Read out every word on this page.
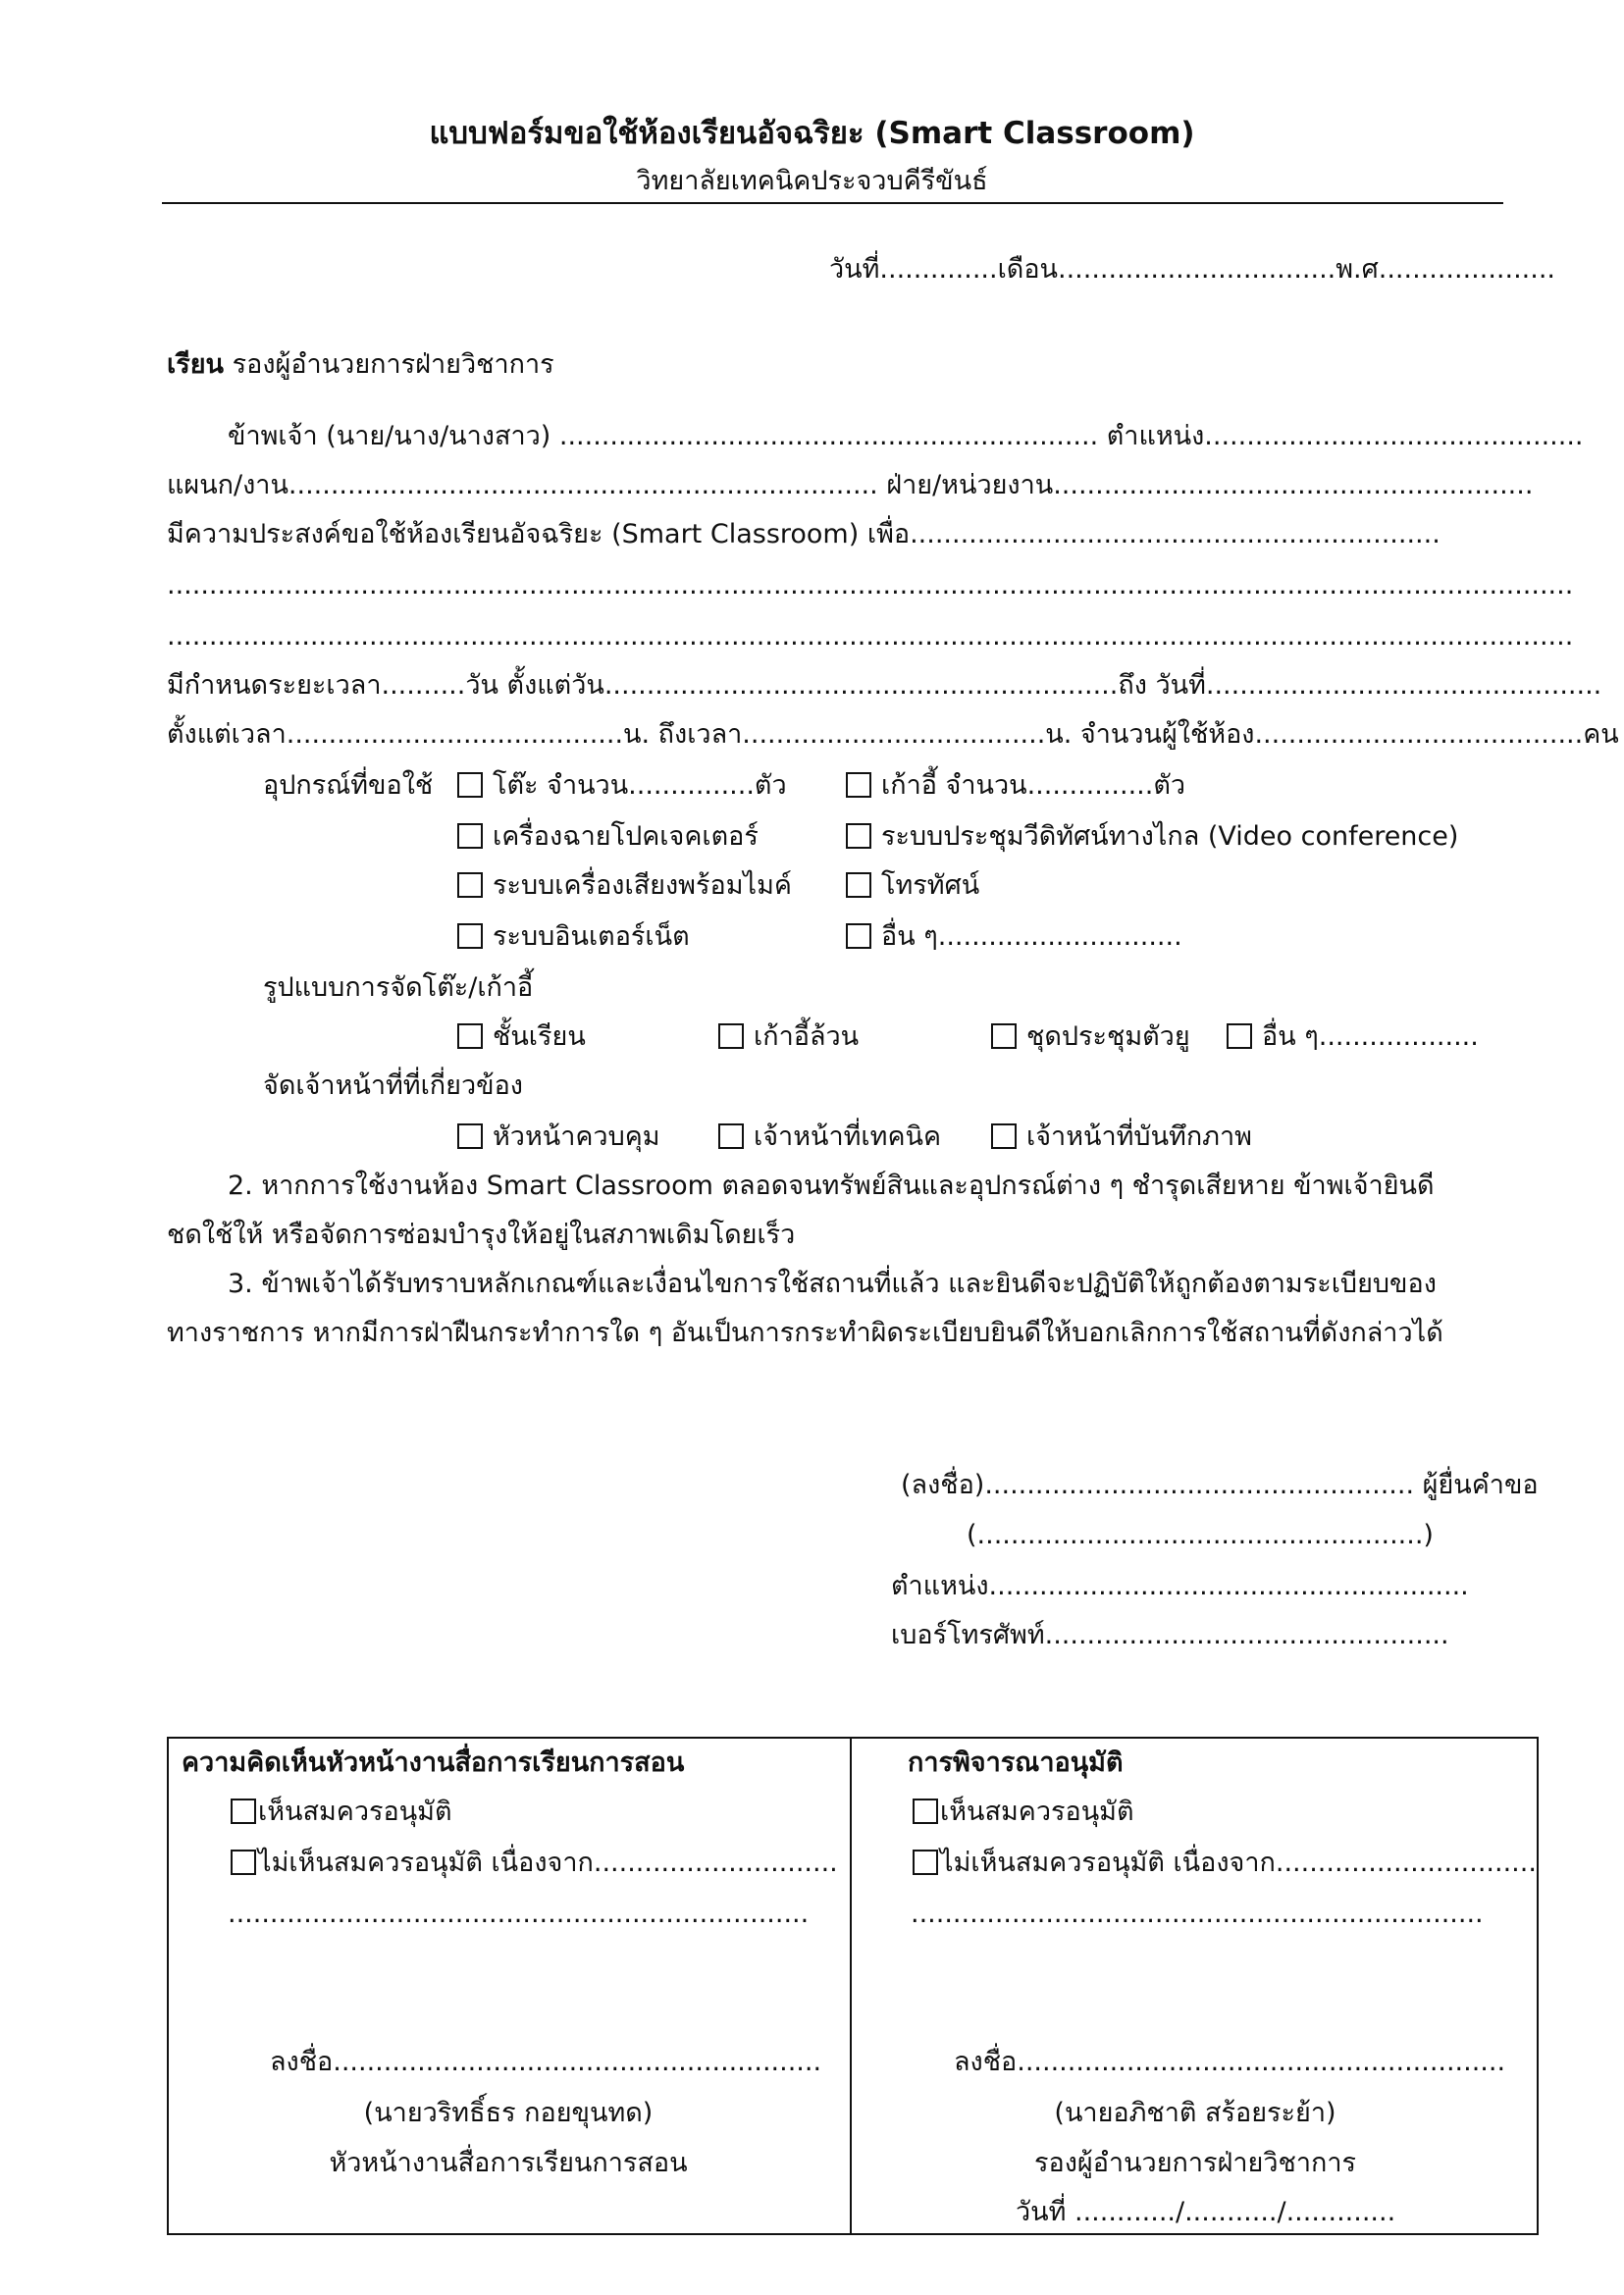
แบบฟอร์มขอใช้ห้องเรียนอัจฉริยะ (Smart Classroom)
วิทยาลัยเทคนิคประจวบคีรีขันธ์
วันที่..............เดือน.................................พ.ศ.....................
เรียน รองผู้อำนวยการฝ่ายวิชาการ
ข้าพเจ้า (นาย/นาง/นางสาว) ................................................................ ตำแหน่ง.............................................
แผนก/งาน...................................................................... ฝ่าย/หน่วยงาน.........................................................
มีความประสงค์ขอใช้ห้องเรียนอัจฉริยะ (Smart Classroom) เพื่อ...............................................................
.......................................................................................................................................................................
.......................................................................................................................................................................
มีกำหนดระยะเวลา..........วัน ตั้งแต่วัน.............................................................ถึง วันที่...............................................
ตั้งแต่เวลา........................................น. ถึงเวลา....................................น. จำนวนผู้ใช้ห้อง.......................................คน
อุปกรณ์ที่ขอใช้	โต๊ะ จำนวน...............ตัว	เก้าอี้ จำนวน...............ตัว
เครื่องฉายโปคเจคเตอร์	ระบบประชุมวีดิทัศน์ทางไกล (Video conference)
ระบบเครื่องเสียงพร้อมไมค์	โทรทัศน์
ระบบอินเตอร์เน็ต	อื่น ๆ.............................
รูปแบบการจัดโต๊ะ/เก้าอี้
ชั้นเรียน	เก้าอี้ล้วน	ชุดประชุมตัวยู	อื่น ๆ...................
จัดเจ้าหน้าที่ที่เกี่ยวข้อง
หัวหน้าควบคุม	เจ้าหน้าที่เทคนิค	เจ้าหน้าที่บันทึกภาพ
2. หากการใช้งานห้อง Smart Classroom ตลอดจนทรัพย์สินและอุปกรณ์ต่าง ๆ ชำรุดเสียหาย ข้าพเจ้ายินดี
ชดใช้ให้ หรือจัดการซ่อมบำรุงให้อยู่ในสภาพเดิมโดยเร็ว
3. ข้าพเจ้าได้รับทราบหลักเกณฑ์และเงื่อนไขการใช้สถานที่แล้ว และยินดีจะปฏิบัติให้ถูกต้องตามระเบียบของ
ทางราชการ หากมีการฝ่าฝืนกระทำการใด ๆ อันเป็นการกระทำผิดระเบียบยินดีให้บอกเลิกการใช้สถานที่ดังกล่าวได้
(ลงชื่อ)................................................... ผู้ยื่นคำขอ
(.....................................................)
ตำแหน่ง.........................................................
เบอร์โทรศัพท์................................................
ความคิดเห็นหัวหน้างานสื่อการเรียนการสอน
เห็นสมควรอนุมัติ
ไม่เห็นสมควรอนุมัติ เนื่องจาก.............................
.....................................................................
ลงชื่อ..........................................................
(นายวริทธิ์ธร กอยขุนทด)
หัวหน้างานสื่อการเรียนการสอน
การพิจารณาอนุมัติ
เห็นสมควรอนุมัติ
ไม่เห็นสมควรอนุมัติ เนื่องจาก...............................
....................................................................
ลงชื่อ..........................................................
(นายอภิชาติ สร้อยระย้า)
รองผู้อำนวยการฝ่ายวิชาการ
วันที่ ............/.........../.............
